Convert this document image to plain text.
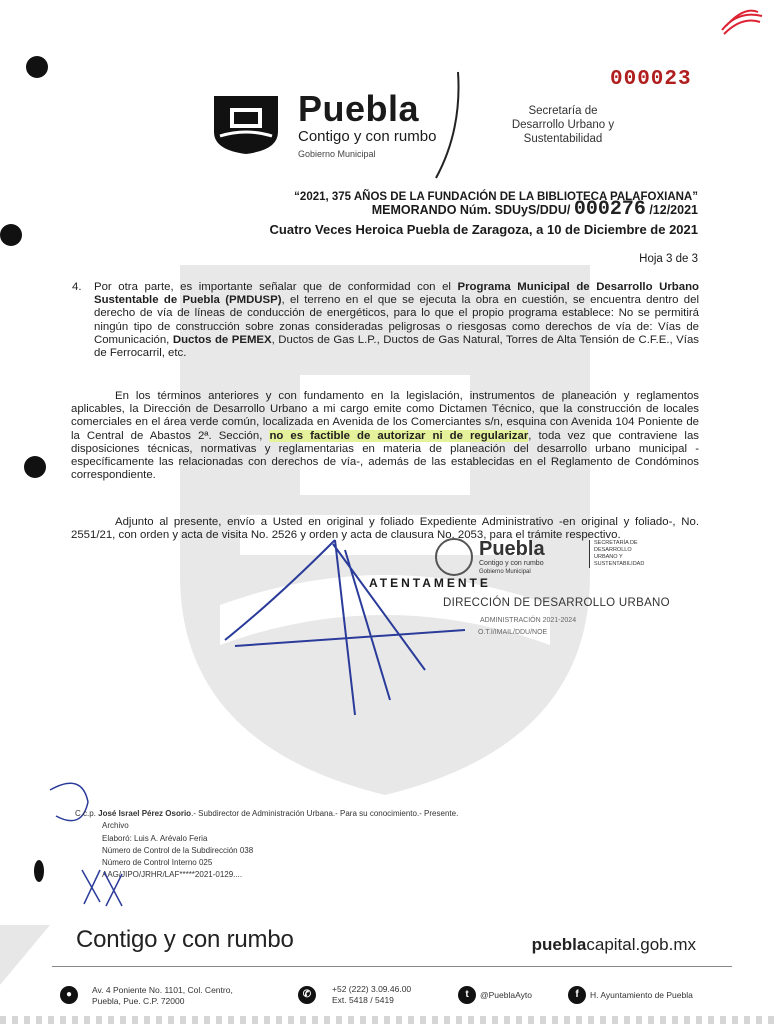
000023
Puebla
Contigo y con rumbo
Gobierno Municipal
Secretaría de
Desarrollo Urbano y
Sustentabilidad
“2021, 375 AÑOS DE LA FUNDACIÓN DE LA BIBLIOTECA PALAFOXIANA”
MEMORANDO Núm. SDUyS/DDU/ 000276 /12/2021
Cuatro Veces Heroica Puebla de Zaragoza, a 10 de Diciembre de 2021
Hoja 3 de 3
4.	Por otra parte, es importante señalar que de conformidad con el Programa Municipal de Desarrollo Urbano Sustentable de Puebla (PMDUSP), el terreno en el que se ejecuta la obra en cuestión, se encuentra dentro del derecho de vía de líneas de conducción de energéticos, para lo que el propio programa establece: No se permitirá ningún tipo de construcción sobre zonas consideradas peligrosas o riesgosas como derechos de vía de: Vías de Comunicación, Ductos de PEMEX, Ductos de Gas L.P., Ductos de Gas Natural, Torres de Alta Tensión de C.F.E., Vías de Ferrocarril, etc.
En los términos anteriores y con fundamento en la legislación, instrumentos de planeación y reglamentos aplicables, la Dirección de Desarrollo Urbano a mi cargo emite como Dictamen Técnico, que la construcción de locales comerciales en el área verde común, localizada en Avenida de los Comerciantes s/n, esquina con Avenida 104 Poniente de la Central de Abastos 2ª. Sección, no es factible de autorizar ni de regularizar, toda vez que contraviene las disposiciones técnicas, normativas y reglamentarias en materia de planeación del desarrollo urbano municipal -específicamente las relacionadas con derechos de vía-, además de las establecidas en el Reglamento de Condóminos correspondiente.
Adjunto al presente, envío a Usted en original y foliado Expediente Administrativo -en original y foliado-, No. 2551/21, con orden y acta de visita No. 2526 y orden y acta de clausura No. 2053, para el trámite respectivo.
Puebla
Contigo y con rumbo
Gobierno Municipal
SECRETARÍA DE DESARROLLO URBANO Y SUSTENTABILIDAD
ATENTAMENTE
DIRECCIÓN DE DESARROLLO URBANO
ADMINISTRACIÓN 2021-2024
O.T.I/IMAIL/DDU/NOE
C.c.p. José Israel Pérez Osorio.- Subdirector de Administración Urbana.- Para su conocimiento.- Presente.
Archivo
Elaboró: Luis A. Arévalo Feria
Número de Control de la Subdirección 038
Número de Control Interno 025
AAG/JIPO/JRHR/LAF*****2021-0129....
Contigo y con rumbo	pueblacapital.gob.mx
●	Av. 4 Poniente No. 1101, Col. Centro,
Puebla, Pue. C.P. 72000
✆	+52 (222) 3.09.46.00
Ext. 5418 / 5419	t	@PueblaAyto	f	H. Ayuntamiento de Puebla
